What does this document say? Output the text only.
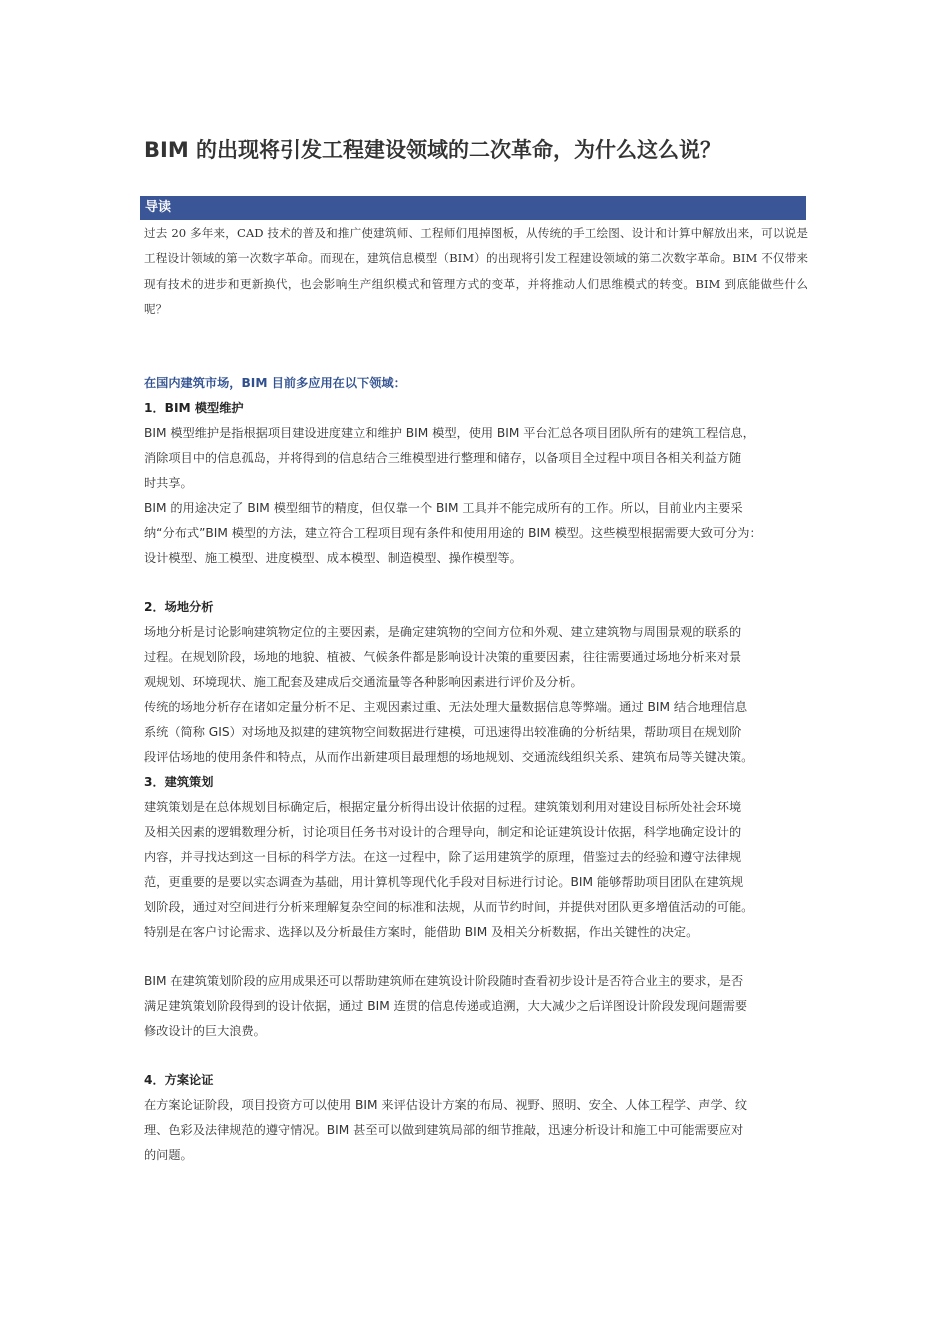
BIM 的出现将引发工程建设领域的二次革命，为什么这么说？
导读

过去 20 多年来，CAD 技术的普及和推广使建筑师、工程师们甩掉图板，从传统的手工绘图、设计和计算中解放出来，可以说是工程设计领域的第一次数字革命。而现在，建筑信息模型（BIM）的出现将引发工程建设领域的第二次数字革命。BIM 不仅带来现有技术的进步和更新换代，也会影响生产组织模式和管理方式的变革，并将推动人们思维模式的转变。BIM 到底能做些什么呢？

在国内建筑市场，BIM 目前多应用在以下领域：

1．BIM 模型维护

BIM 模型维护是指根据项目建设进度建立和维护 BIM 模型，使用 BIM 平台汇总各项目团队所有的建筑工程信息，

消除项目中的信息孤岛，并将得到的信息结合三维模型进行整理和储存，以备项目全过程中项目各相关利益方随

时共享。

BIM 的用途决定了 BIM 模型细节的精度，但仅靠一个 BIM 工具并不能完成所有的工作。所以，目前业内主要采

纳“分布式”BIM 模型的方法，建立符合工程项目现有条件和使用用途的 BIM 模型。这些模型根据需要大致可分为：

设计模型、施工模型、进度模型、成本模型、制造模型、操作模型等。

2．场地分析

场地分析是讨论影响建筑物定位的主要因素，是确定建筑物的空间方位和外观、建立建筑物与周围景观的联系的

过程。在规划阶段，场地的地貌、植被、气候条件都是影响设计决策的重要因素，往往需要通过场地分析来对景

观规划、环境现状、施工配套及建成后交通流量等各种影响因素进行评价及分析。

传统的场地分析存在诸如定量分析不足、主观因素过重、无法处理大量数据信息等弊端。通过 BIM 结合地理信息

系统（简称 GIS）对场地及拟建的建筑物空间数据进行建模，可迅速得出较准确的分析结果，帮助项目在规划阶

段评估场地的使用条件和特点，从而作出新建项目最理想的场地规划、交通流线组织关系、建筑布局等关键决策。

3．建筑策划

建筑策划是在总体规划目标确定后，根据定量分析得出设计依据的过程。建筑策划利用对建设目标所处社会环境

及相关因素的逻辑数理分析，讨论项目任务书对设计的合理导向，制定和论证建筑设计依据，科学地确定设计的

内容，并寻找达到这一目标的科学方法。在这一过程中，除了运用建筑学的原理，借鉴过去的经验和遵守法律规

范，更重要的是要以实态调查为基础，用计算机等现代化手段对目标进行讨论。BIM 能够帮助项目团队在建筑规

划阶段，通过对空间进行分析来理解复杂空间的标准和法规，从而节约时间，并提供对团队更多增值活动的可能。

特别是在客户讨论需求、选择以及分析最佳方案时，能借助 BIM 及相关分析数据，作出关键性的决定。

BIM 在建筑策划阶段的应用成果还可以帮助建筑师在建筑设计阶段随时查看初步设计是否符合业主的要求，是否

满足建筑策划阶段得到的设计依据，通过 BIM 连贯的信息传递或追溯，大大减少之后详图设计阶段发现问题需要

修改设计的巨大浪费。

4．方案论证

在方案论证阶段，项目投资方可以使用 BIM 来评估设计方案的布局、视野、照明、安全、人体工程学、声学、纹

理、色彩及法律规范的遵守情况。BIM 甚至可以做到建筑局部的细节推敲，迅速分析设计和施工中可能需要应对

的问题。
